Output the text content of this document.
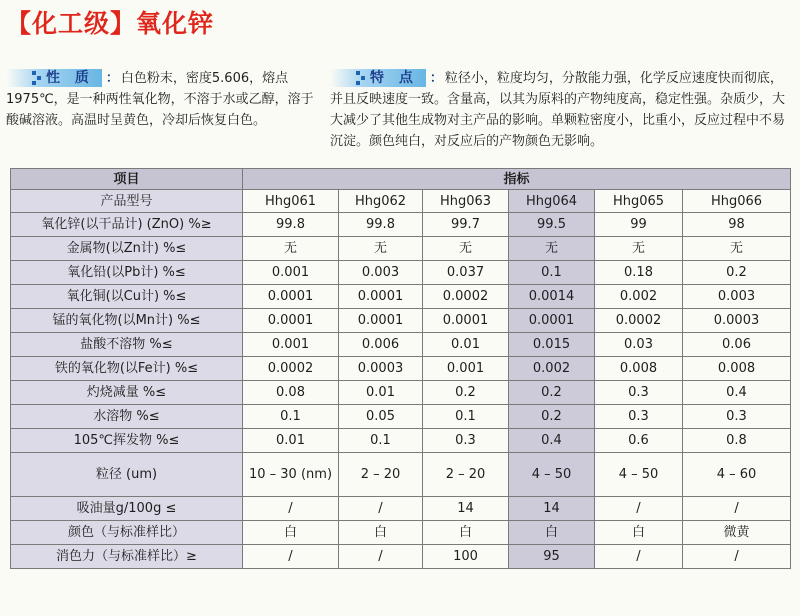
【化工级】氧化锌
性 质 ： 白色粉末，密度5.606，熔点 1975℃，是一种两性氧化物，不溶于水或乙醇，溶于酸碱溶液。高温时呈黄色，冷却后恢复白色。
特 点 ： 粒径小，粒度均匀，分散能力强，化学反应速度快而彻底，并且反映速度一致。含量高，以其为原料的产物纯度高，稳定性强。杂质少，大大减少了其他生成物对主产品的影响。单颗粒密度小，比重小，反应过程中不易沉淀。颜色纯白，对反应后的产物颜色无影响。
项目	指标					
产品型号	Hhg061	Hhg062	Hhg063	Hhg064	Hhg065	Hhg066
氧化锌(以干品计) (ZnO) %≥	99.8	99.8	99.7	99.5	99	98
金属物(以Zn计) %≤	无	无	无	无	无	无
氧化铅(以Pb计) %≤	0.001	0.003	0.037	0.1	0.18	0.2
氧化铜(以Cu计) %≤	0.0001	0.0001	0.0002	0.0014	0.002	0.003
锰的氧化物(以Mn计) %≤	0.0001	0.0001	0.0001	0.0001	0.0002	0.0003
盐酸不溶物 %≤	0.001	0.006	0.01	0.015	0.03	0.06
铁的氧化物(以Fe计) %≤	0.0002	0.0003	0.001	0.002	0.008	0.008
灼烧减量 %≤	0.08	0.01	0.2	0.2	0.3	0.4
水溶物 %≤	0.1	0.05	0.1	0.2	0.3	0.3
105℃挥发物 %≤	0.01	0.1	0.3	0.4	0.6	0.8
粒径 (um)	10 – 30 (nm)	2 – 20	2 – 20	4 – 50	4 – 50	4 – 60
吸油量g/100g ≤	/	/	14	14	/	/
颜色（与标准样比）	白	白	白	白	白	微黄
消色力（与标准样比）≥	/	/	100	95	/	/
